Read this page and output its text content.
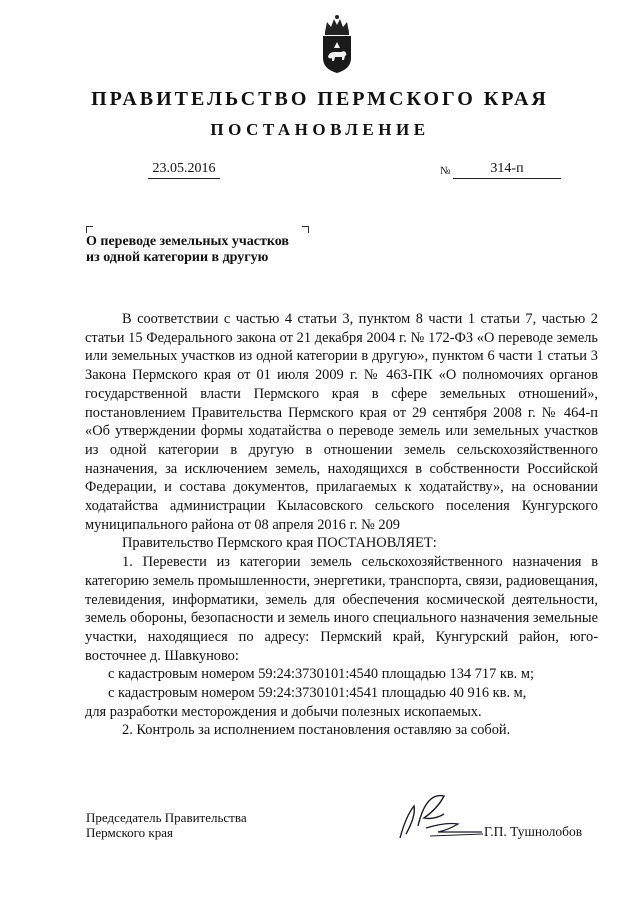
ПРАВИТЕЛЬСТВО ПЕРМСКОГО КРАЯ
ПОСТАНОВЛЕНИЕ
23.05.2016	№	314-п
О переводе земельных участков
из одной категории в другую

В соответствии с частью 4 статьи 3, пунктом 8 части 1 статьи 7, частью 2 статьи 15 Федерального закона от 21 декабря 2004 г. № 172-ФЗ «О переводе земель или земельных участков из одной категории в другую», пунктом 6 части 1 статьи 3 Закона Пермского края от 01 июля 2009 г. № 463-ПК «О полномочиях органов государственной власти Пермского края в сфере земельных отношений», постановлением Правительства Пермского края от 29 сентября 2008 г. № 464-п «Об утверждении формы ходатайства о переводе земель или земельных участков из одной категории в другую в отношении земель сельскохозяйственного назначения, за исключением земель, находящихся в собственности Российской Федерации, и состава документов, прилагаемых к ходатайству», на основании ходатайства администрации Кыласовского сельского поселения Кунгурского муниципального района от 08 апреля 2016 г. № 209

Правительство Пермского края ПОСТАНОВЛЯЕТ:

1. Перевести из категории земель сельскохозяйственного назначения в категорию земель промышленности, энергетики, транспорта, связи, радиовещания, телевидения, информатики, земель для обеспечения космической деятельности, земель обороны, безопасности и земель иного специального назначения земельные участки, находящиеся по адресу: Пермский край, Кунгурский район, юго-восточнее д. Шавкуново:

с кадастровым номером 59:24:3730101:4540 площадью 134 717 кв. м;

с кадастровым номером 59:24:3730101:4541 площадью 40 916 кв. м,

для разработки месторождения и добычи полезных ископаемых.

2. Контроль за исполнением постановления оставляю за собой.

Председатель Правительства
Пермского края	Г.П. Тушнолобов
